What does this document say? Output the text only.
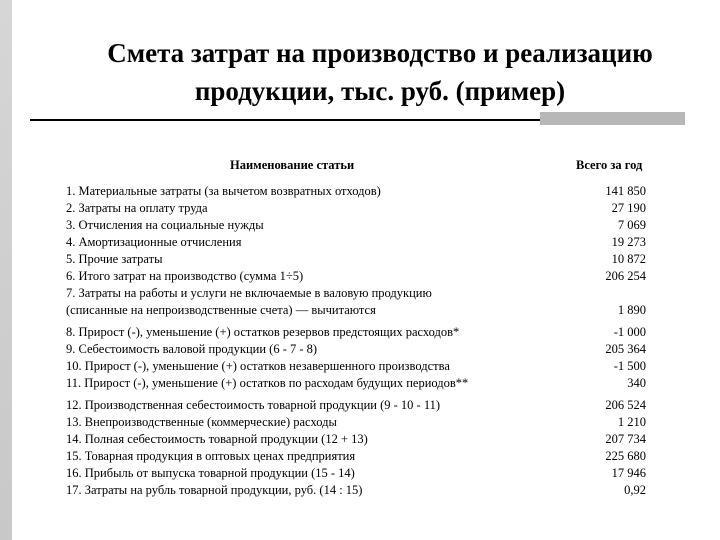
Смета затрат на производство и реализацию
продукции, тыс. руб. (пример)
Наименование статьи	Всего за год
1. Материальные затраты (за вычетом возвратных отходов)	141 850
2. Затраты на оплату труда	27 190
3. Отчисления на социальные нужды	7 069
4. Амортизационные отчисления	19 273
5. Прочие затраты	10 872
6. Итого затрат на производство (сумма 1÷5)	206 254
7. Затраты на работы и услуги не включаемые в валовую продукцию
(списанные на непроизводственные счета) — вычитаются	1 890
8. Прирост (-), уменьшение (+) остатков резервов предстоящих расходов*	-1 000
9. Себестоимость валовой продукции (6 - 7 - 8)	205 364
10. Прирост (-), уменьшение (+) остатков незавершенного производства	-1 500
11. Прирост (-), уменьшение (+) остатков по расходам будущих периодов**	340
12. Производственная себестоимость товарной продукции (9 - 10 - 11)	206 524
13. Внепроизводственные (коммерческие) расходы	1 210
14. Полная себестоимость товарной продукции (12 + 13)	207 734
15. Товарная продукция в оптовых ценах предприятия	225 680
16. Прибыль от выпуска товарной продукции (15 - 14)	17 946
17. Затраты на рубль товарной продукции, руб. (14 : 15)	0,92
